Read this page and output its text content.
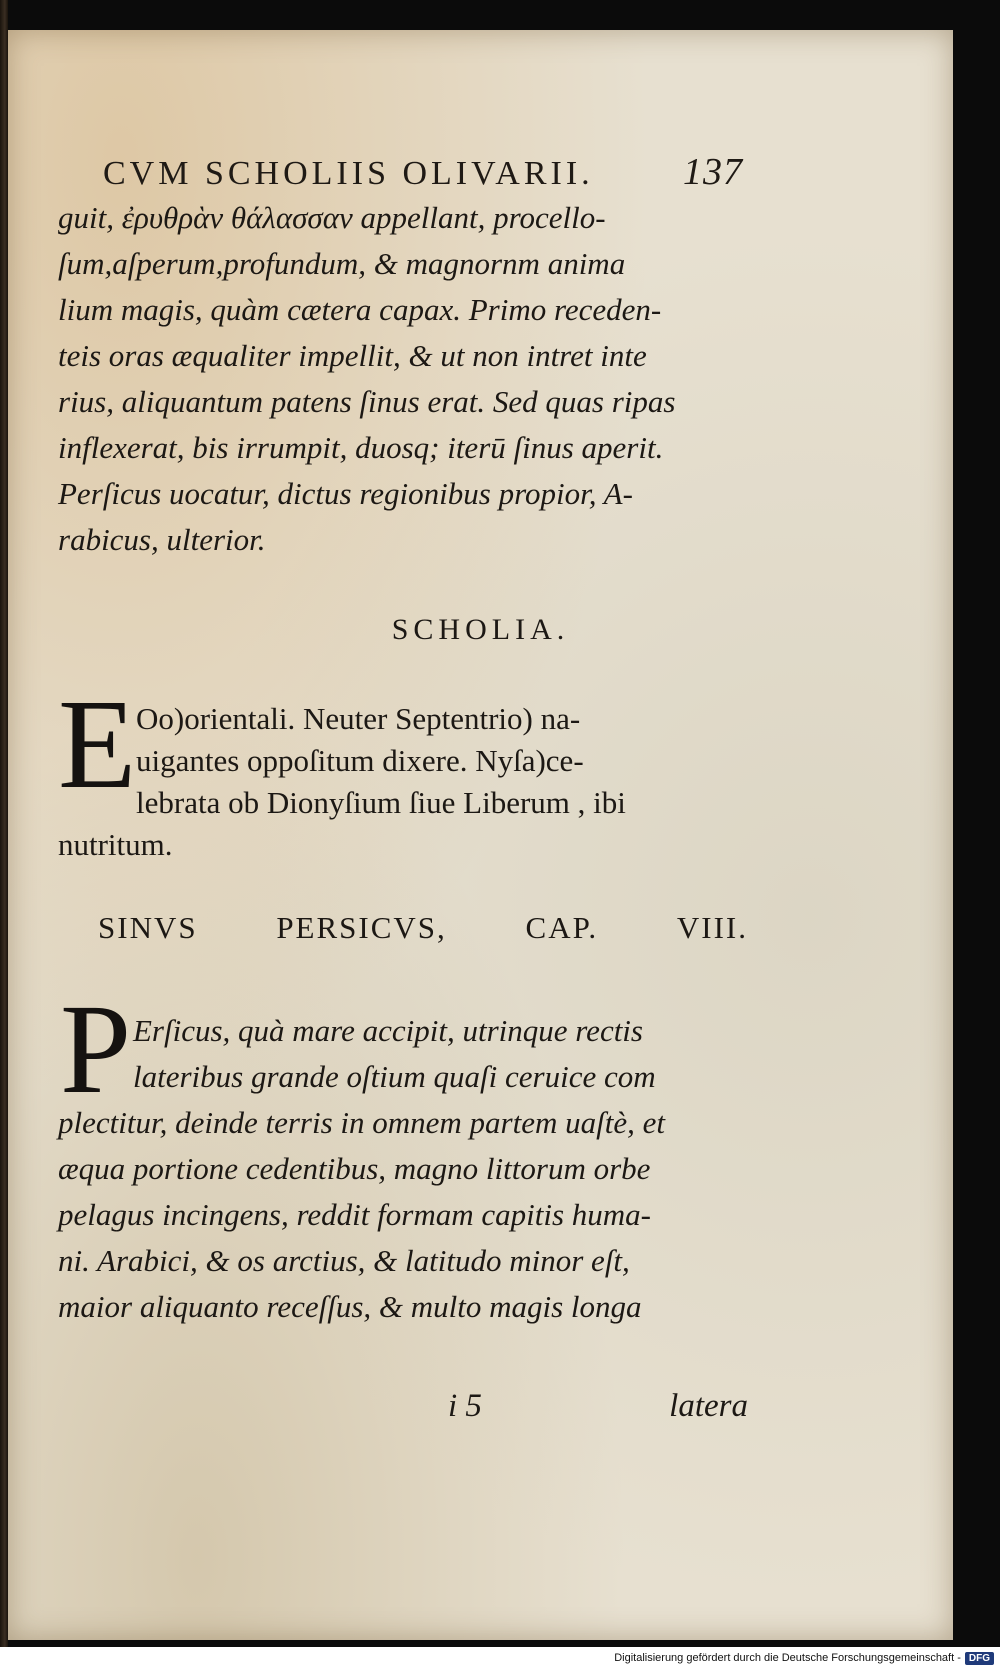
CVM SCHOLIIS OLIVARII. 137
guit, ἐρυθρὰν θάλασσαν appellant, procello-
ſum,aſperum,profundum, & magnornm anima
lium magis, quàm cætera capax. Primo receden-
teis oras æqualiter impellit, & ut non intret inte
rius, aliquantum patens ſinus erat. Sed quas ripas
inflexerat, bis irrumpit, duosq; iterū ſinus aperit.
Perſicus uocatur, dictus regionibus propior, A-
rabicus, ulterior.
SCHOLIA.
E Oo)orientali. Neuter Septentrio) na-
uigantes oppoſitum dixere. Nyſa)ce-
lebrata ob Dionyſium ſiue Liberum , ibi
nutritum.
SINVS	PERSICVS,	CAP.	VIII.
P Erſicus, quà mare accipit, utrinque rectis
lateribus grande oſtium quaſi ceruice com
plectitur, deinde terris in omnem partem uaſtè, et
æqua portione cedentibus, magno littorum orbe
pelagus incingens, reddit formam capitis huma-
ni. Arabici, & os arctius, & latitudo minor eſt,
maior aliquanto receſſus, & multo magis longa
i 5	latera
Digitalisierung gefördert durch die Deutsche Forschungsgemeinschaft - DFG
